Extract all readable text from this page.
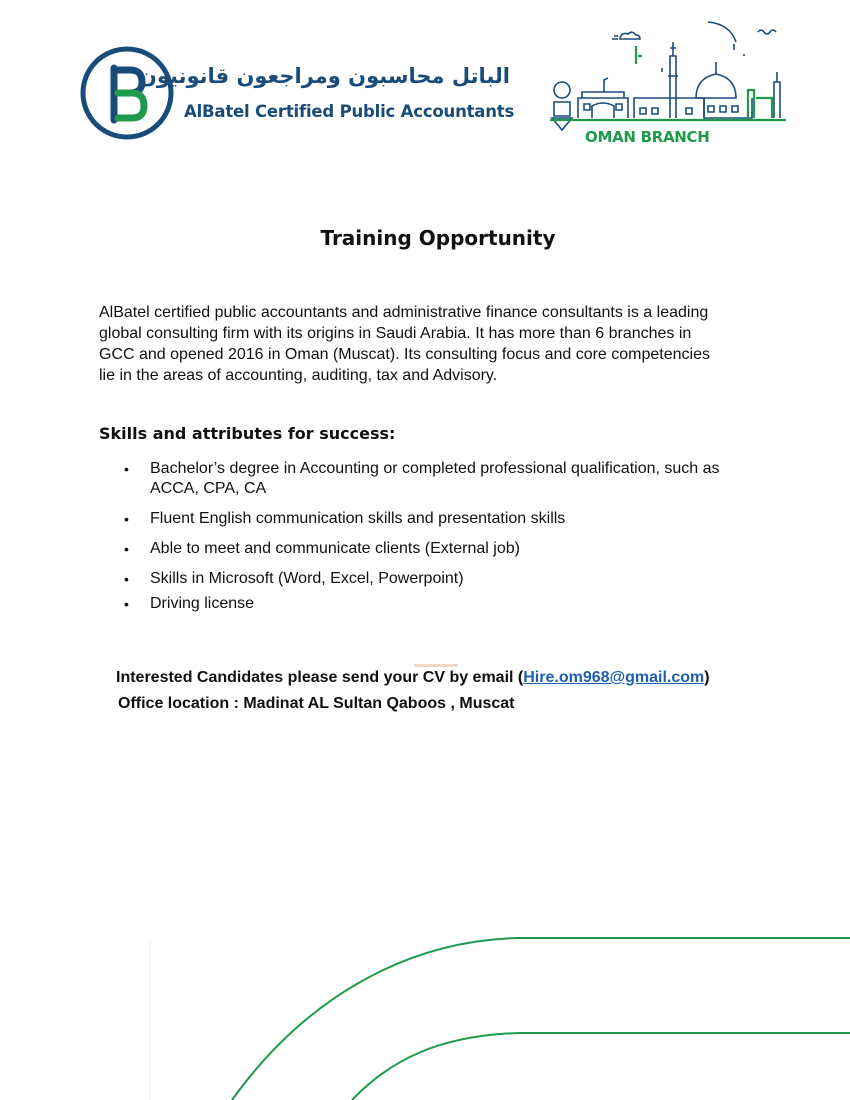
الباتل محاسبون ومراجعون قانونيون
AlBatel Certified Public Accountants
OMAN BRANCH
Training Opportunity
AlBatel certified public accountants and administrative finance consultants is a leading
global consulting firm with its origins in Saudi Arabia. It has more than 6 branches in
GCC and opened 2016 in Oman (Muscat). Its consulting focus and core competencies
lie in the areas of accounting, auditing, tax and Advisory.
Skills and attributes for success:
• Bachelor’s degree in Accounting or completed professional qualification, such as
ACCA, CPA, CA
• Fluent English communication skills and presentation skills
• Able to meet and communicate clients (External job)
• Skills in Microsoft (Word, Excel, Powerpoint)
• Driving license
Interested Candidates please send your CV by email (Hire.om968@gmail.com)
Office location : Madinat AL Sultan Qaboos , Muscat
